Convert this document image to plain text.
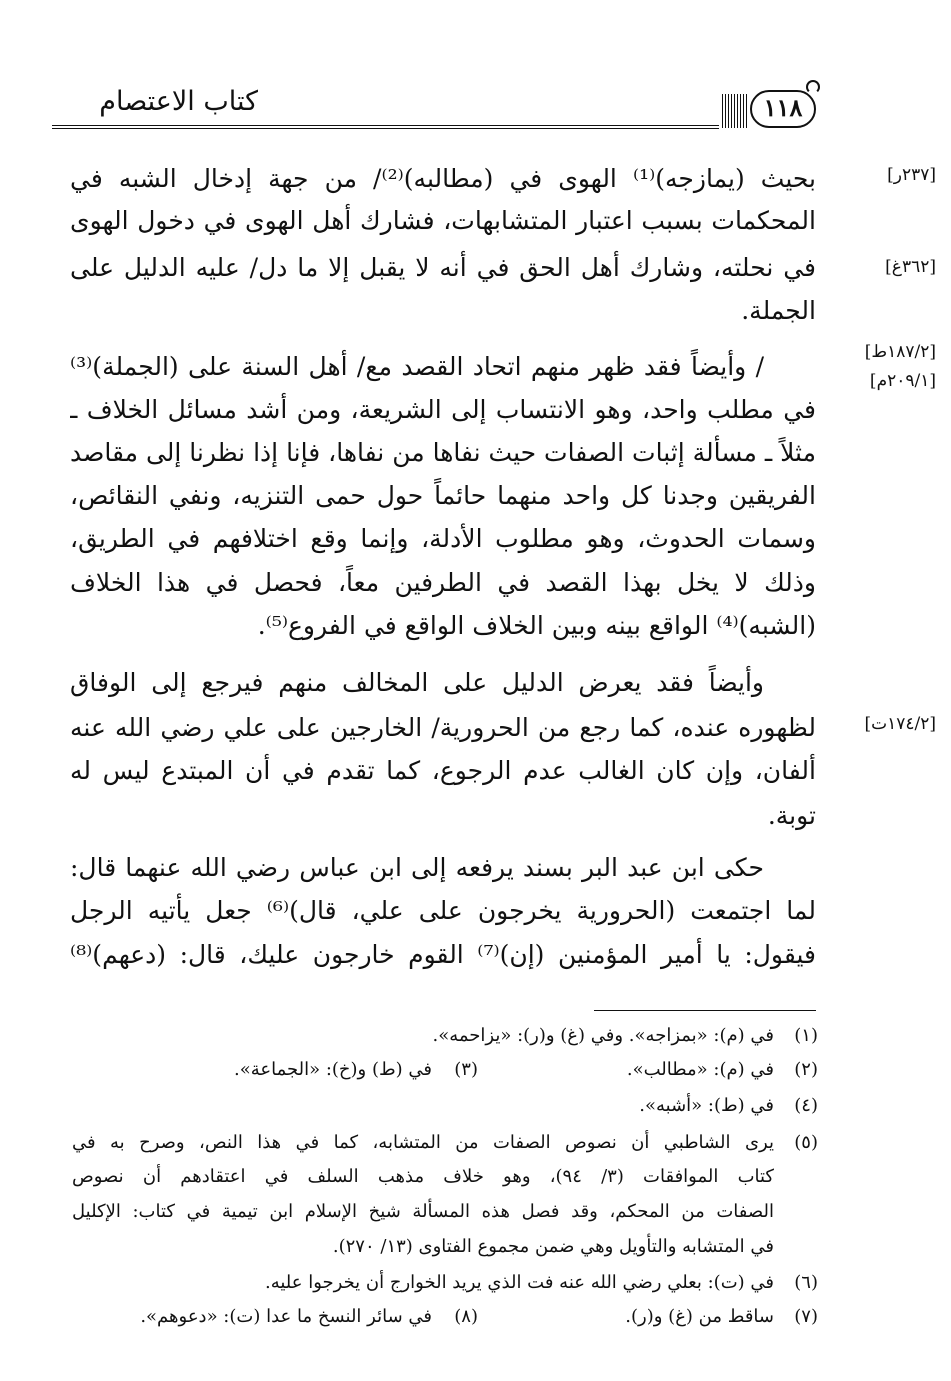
كتاب الاعتصام	١١٨
[٢٣٧ر]
[٣٦٢غ]
[١٨٧/٢ط]
[٢٠٩/١م]
[١٧٤/٢ت]
بحيث (يمازجه)⁽¹⁾ الهوى في (مطالبه)⁽²⁾/ من جهة إدخال الشبه في
المحكمات بسبب اعتبار المتشابهات، فشارك أهل الهوى في دخول الهوى
في نحلته، وشارك أهل الحق في أنه لا يقبل إلا ما دل/ عليه الدليل على
الجملة.
/ وأيضاً فقد ظهر منهم اتحاد القصد مع/ أهل السنة على (الجملة)⁽³⁾
في مطلب واحد، وهو الانتساب إلى الشريعة، ومن أشد مسائل الخلاف ـ
مثلاً ـ مسألة إثبات الصفات حيث نفاها من نفاها، فإنا إذا نظرنا إلى مقاصد
الفريقين وجدنا كل واحد منهما حائماً حول حمى التنزيه، ونفي النقائص،
وسمات الحدوث، وهو مطلوب الأدلة، وإنما وقع اختلافهم في الطريق،
وذلك لا يخل بهذا القصد في الطرفين معاً، فحصل في هذا الخلاف
(الشبه)⁽⁴⁾ الواقع بينه وبين الخلاف الواقع في الفروع⁽⁵⁾.
وأيضاً فقد يعرض الدليل على المخالف منهم فيرجع إلى الوفاق
لظهوره عنده، كما رجع من الحرورية/ الخارجين على علي رضي الله عنه
ألفان، وإن كان الغالب عدم الرجوع، كما تقدم في أن المبتدع ليس له
توبة.
حكى ابن عبد البر بسند يرفعه إلى ابن عباس رضي الله عنهما قال:
لما اجتمعت (الحرورية يخرجون على علي، قال)⁽⁶⁾ جعل يأتيه الرجل
فيقول: يا أمير المؤمنين (إن)⁽⁷⁾ القوم خارجون عليك، قال: (دعهم)⁽⁸⁾
(١)
في (م): «بمزاجه». وفي (غ) و(ر): «يزاحمه».
(٢)
في (م): «مطالب».
(٣)
في (ط) و(خ): «الجماعة».
(٤)
في (ط): «أشبه».
(٥)
يرى الشاطبي أن نصوص الصفات من المتشابه، كما في هذا النص، وصرح به في
كتاب الموافقات (٣/ ٩٤)، وهو خلاف مذهب السلف في اعتقادهم أن نصوص
الصفات من المحكم، وقد فصل هذه المسألة شيخ الإسلام ابن تيمية في كتاب: الإكليل
في المتشابه والتأويل وهي ضمن مجموع الفتاوى (١٣/ ٢٧٠).
(٦)
في (ت): بعلي رضي الله عنه فت الذي يريد الخوارج أن يخرجوا عليه.
(٧)
ساقط من (غ) و(ر).
(٨)
في سائر النسخ ما عدا (ت): «دعوهم».
